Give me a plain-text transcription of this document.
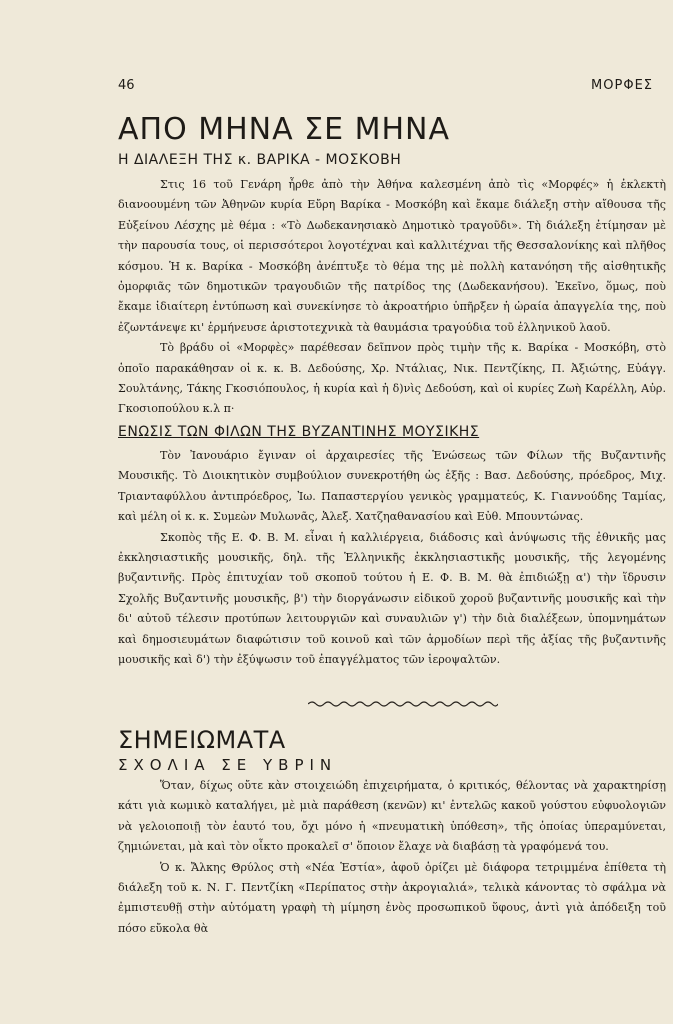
46	ΜΟΡΦΕΣ
ΑΠΟ ΜΗΝΑ ΣΕ ΜΗΝΑ
Η ΔΙΑΛΕΞΗ ΤΗΣ κ. ΒΑΡΙΚΑ - ΜΟΣΚΟΒΗ

Στις 16 τοῦ Γενάρη ἦρθε ἀπὸ τὴν Ἀθήνα καλεσμένη ἀπὸ τὶς «Μορφές» ἡ ἐκλεκτὴ διανοουμένη τῶν Ἀθηνῶν κυρία Εὔρη Βαρίκα - Μοσκόβη καὶ ἔκαμε διάλεξη στὴν αἴθουσα τῆς Εὐξείνου Λέσχης μὲ θέμα : «Τὸ Δωδεκανησιακὸ Δημοτικὸ τραγοῦδι». Τὴ διάλεξη ἐτίμησαν μὲ τὴν παρουσία τους, οἱ περισσότεροι λογοτέχναι καὶ καλλιτέχναι τῆς Θεσσαλονίκης καὶ πλῆθος κόσμου. Ἡ κ. Βαρίκα - Μοσκόβη ἀνέπτυξε τὸ θέμα της μὲ πολλὴ κατανόηση τῆς αἰσθητικῆς ὀμορφιᾶς τῶν δημοτικῶν τραγουδιῶν τῆς πατρίδος της (Δωδεκανήσου). Ἐκεῖνο, ὅμως, ποὺ ἔκαμε ἰδιαίτερη ἐντύπωση καὶ συνεκίνησε τὸ ἀκροατήριο ὑπῆρξεν ἡ ὡραία ἀπαγγελία της, ποὺ ἐζωντάνεψε κι' ἑρμήνευσε ἀριστοτεχνικὰ τὰ θαυμάσια τραγούδια τοῦ ἑλληνικοῦ λαοῦ.

Τὸ βράδυ οἱ «Μορφὲς» παρέθεσαν δεῖπνον πρὸς τιμὴν τῆς κ. Βαρίκα - Μοσκόβη, στὸ ὁποῖο παρακάθησαν οἱ κ. κ. Β. Δεδούσης, Χρ. Ντάλιας, Νικ. Πεντζίκης, Π. Ἀξιώτης, Εὐάγγ. Σουλτάνης, Τάκης Γκοσιόπουλος, ἡ κυρία καὶ ἡ δ)νὶς Δεδούση, καὶ οἱ κυρίες Ζωὴ Καρέλλη, Αὐρ. Γκοσιοπούλου κ.λ π·

ΕΝΩΣΙΣ ΤΩΝ ΦΙΛΩΝ ΤΗΣ ΒΥΖΑΝΤΙΝΗΣ ΜΟΥΣΙΚΗΣ

Τὸν Ἰανουάριο ἔγιναν οἱ ἀρχαιρεσίες τῆς Ἑνώσεως τῶν Φίλων τῆς Βυζαντινῆς Μουσικῆς. Τὸ Διοικητικὸν συμβούλιον συνεκροτήθη ὡς ἑξῆς : Βασ. Δεδούσης, πρόεδρος, Μιχ. Τριανταφύλλου ἀντιπρόεδρος, Ἰω. Παπαστεργίου γενικὸς γραμματεύς, Κ. Γιαννούδης Ταμίας, καὶ μέλη οἱ κ. κ. Συμεὼν Μυλωνᾶς, Ἀλεξ. Χατζηαθανασίου καὶ Εὐθ. Μπουντώνας.

Σκοπὸς τῆς Ε. Φ. Β. Μ. εἶναι ἡ καλλιέργεια, διάδοσις καὶ ἀνύψωσις τῆς ἐθνικῆς μας ἐκκλησιαστικῆς μουσικῆς, δηλ. τῆς Ἑλληνικῆς ἐκκλησιαστικῆς μουσικῆς, τῆς λεγομένης βυζαντινῆς. Πρὸς ἐπιτυχίαν τοῦ σκοποῦ τούτου ἡ Ε. Φ. Β. Μ. θὰ ἐπιδιώξῃ α') τὴν ἵδρυσιν Σχολῆς Βυζαντινῆς μουσικῆς, β') τὴν διοργάνωσιν εἰδικοῦ χοροῦ βυζαντινῆς μουσικῆς καὶ τὴν δι' αὐτοῦ τέλεσιν προτύπων λειτουργιῶν καὶ συναυλιῶν γ') τὴν διὰ διαλέξεων, ὑπομνημάτων καὶ δημοσιευμάτων διαφώτισιν τοῦ κοινοῦ καὶ τῶν ἁρμοδίων περὶ τῆς ἀξίας τῆς βυζαντινῆς μουσικῆς καὶ δ') τὴν ἐξύψωσιν τοῦ ἐπαγγέλματος τῶν ἱεροψαλτῶν.

ΣΗΜΕΙΩΜΑΤΑ
ΣΧΟΛΙΑ ΣΕ ΥΒΡΙΝ

Ὅταν, δίχως οὔτε κὰν στοιχειώδη ἐπιχειρήματα, ὁ κριτικός, θέλοντας νὰ χαρακτηρίσῃ κάτι γιὰ κωμικὸ καταλήγει, μὲ μιὰ παράθεση (κενῶν) κι' ἐντελῶς κακοῦ γούστου εὐφυολογιῶν νὰ γελοιοποιῇ τὸν ἑαυτό του, ὄχι μόνο ἡ «πνευματικὴ ὑπόθεση», τῆς ὁποίας ὑπεραμύνεται, ζημιώνεται, μὰ καὶ τὸν οἶκτο προκαλεῖ σ' ὅποιον ἔλαχε νὰ διαβάσῃ τὰ γραφόμενά του.

Ὁ κ. Ἄλκης Θρύλος στὴ «Νέα Ἑστία», ἀφοῦ ὁρίζει μὲ διάφορα τετριμμένα ἐπίθετα τὴ διάλεξη τοῦ κ. Ν. Γ. Πεντζίκη «Περίπατος στὴν ἀκρογιαλιά», τελικὰ κάνοντας τὸ σφάλμα νὰ ἐμπιστευθῇ στὴν αὐτόματη γραφὴ τὴ μίμηση ἑνὸς προσωπικοῦ ὕφους, ἀντὶ γιὰ ἀπόδειξη τοῦ πόσο εὔκολα θὰ
